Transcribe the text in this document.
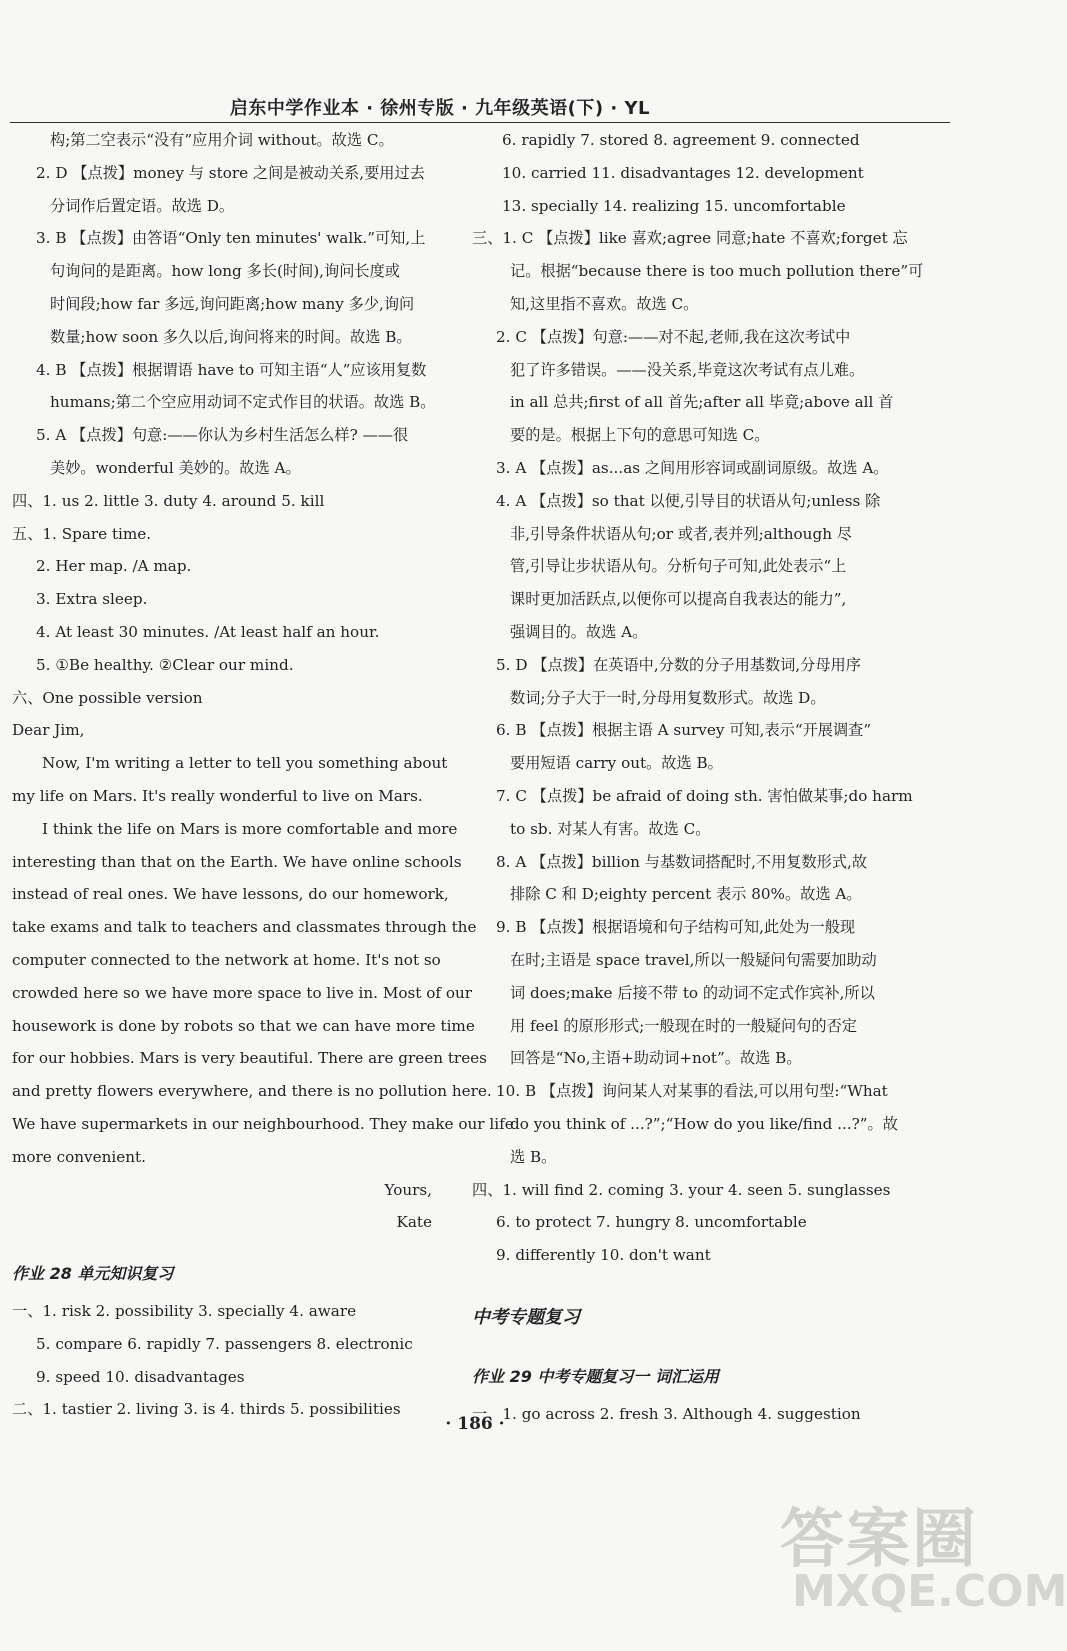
启东中学作业本 · 徐州专版 · 九年级英语(下) · YL
构;第二空表示“没有”应用介词 without。故选 C。
2. D 【点拨】money 与 store 之间是被动关系,要用过去
分词作后置定语。故选 D。
3. B 【点拨】由答语“Only ten minutes' walk.”可知,上
句询问的是距离。how long 多长(时间),询问长度或
时间段;how far 多远,询问距离;how many 多少,询问
数量;how soon 多久以后,询问将来的时间。故选 B。
4. B 【点拨】根据谓语 have to 可知主语“人”应该用复数
humans;第二个空应用动词不定式作目的状语。故选 B。
5. A 【点拨】句意:——你认为乡村生活怎么样? ——很
美妙。wonderful 美妙的。故选 A。
四、1. us 2. little 3. duty 4. around 5. kill
五、1. Spare time.
2. Her map. /A map.
3. Extra sleep.
4. At least 30 minutes. /At least half an hour.
5. ①Be healthy. ②Clear our mind.
六、One possible version
Dear Jim,
Now, I'm writing a letter to tell you something about
my life on Mars. It's really wonderful to live on Mars.
I think the life on Mars is more comfortable and more
interesting than that on the Earth. We have online schools
instead of real ones. We have lessons, do our homework,
take exams and talk to teachers and classmates through the
computer connected to the network at home. It's not so
crowded here so we have more space to live in. Most of our
housework is done by robots so that we can have more time
for our hobbies. Mars is very beautiful. There are green trees
and pretty flowers everywhere, and there is no pollution here.
We have supermarkets in our neighbourhood. They make our life
more convenient.
Yours,
Kate
作业 28 单元知识复习
一、1. risk 2. possibility 3. specially 4. aware
5. compare 6. rapidly 7. passengers 8. electronic
9. speed 10. disadvantages
二、1. tastier 2. living 3. is 4. thirds 5. possibilities
6. rapidly 7. stored 8. agreement 9. connected
10. carried 11. disadvantages 12. development
13. specially 14. realizing 15. uncomfortable
三、1. C 【点拨】like 喜欢;agree 同意;hate 不喜欢;forget 忘
记。根据“because there is too much pollution there”可
知,这里指不喜欢。故选 C。
2. C 【点拨】句意:——对不起,老师,我在这次考试中
犯了许多错误。——没关系,毕竟这次考试有点儿难。
in all 总共;first of all 首先;after all 毕竟;above all 首
要的是。根据上下句的意思可知选 C。
3. A 【点拨】as...as 之间用形容词或副词原级。故选 A。
4. A 【点拨】so that 以便,引导目的状语从句;unless 除
非,引导条件状语从句;or 或者,表并列;although 尽
管,引导让步状语从句。分析句子可知,此处表示“上
课时更加活跃点,以便你可以提高自我表达的能力”,
强调目的。故选 A。
5. D 【点拨】在英语中,分数的分子用基数词,分母用序
数词;分子大于一时,分母用复数形式。故选 D。
6. B 【点拨】根据主语 A survey 可知,表示“开展调查”
要用短语 carry out。故选 B。
7. C 【点拨】be afraid of doing sth. 害怕做某事;do harm
to sb. 对某人有害。故选 C。
8. A 【点拨】billion 与基数词搭配时,不用复数形式,故
排除 C 和 D;eighty percent 表示 80%。故选 A。
9. B 【点拨】根据语境和句子结构可知,此处为一般现
在时;主语是 space travel,所以一般疑问句需要加助动
词 does;make 后接不带 to 的动词不定式作宾补,所以
用 feel 的原形形式;一般现在时的一般疑问句的否定
回答是“No,主语+助动词+not”。故选 B。
10. B 【点拨】询问某人对某事的看法,可以用句型:“What
do you think of ...?”;“How do you like/find ...?”。故
选 B。
四、1. will find 2. coming 3. your 4. seen 5. sunglasses
6. to protect 7. hungry 8. uncomfortable
9. differently 10. don't want
中考专题复习
作业 29 中考专题复习一 词汇运用
一、1. go across 2. fresh 3. Although 4. suggestion
· 186 ·
答案圈
MXQE.COM
